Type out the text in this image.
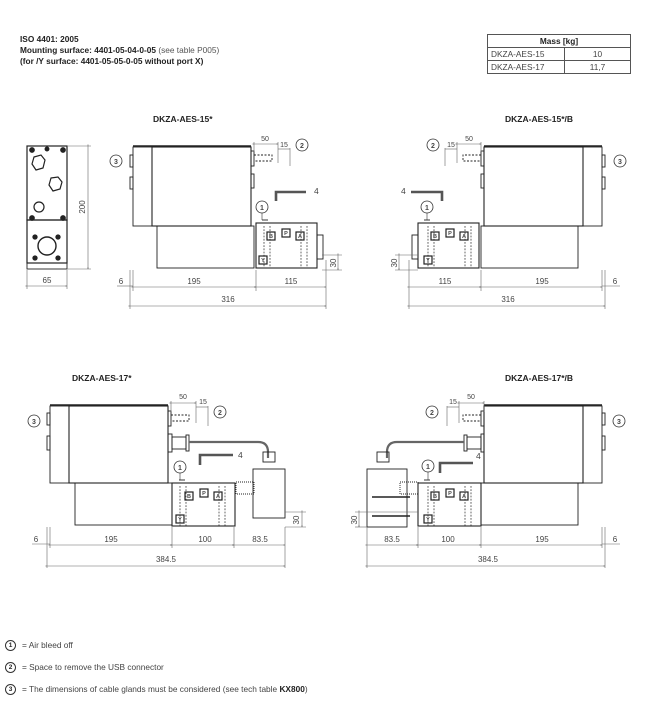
ISO 4401: 2005
Mounting surface: 4401-05-04-0-05 (see table P005)
(for /Y surface: 4401-05-05-0-05 without port X)
Mass [kg]	
DKZA-AES-15	10
DKZA-AES-17	11,7
DKZA-AES-15*	DKZA-AES-15*/B
DKZA-AES-17*	DKZA-AES-17*/B
65
200
50
15
6	195	115
316
30
50
15
6
195
115
316
30
50
15
6	195	100	83.5
384.5
30
50
15
6
195
100
83.5
384.5
30
3
2
1
2
3
1
3
2
1
2
3
1
4	4
4	4
B P A
Y
B P A
Y
B P A
Y
B P A
Y
1	= Air bleed off
2	= Space to remove the USB connector
3	= The dimensions of cable glands must be considered (see tech table KX800)
